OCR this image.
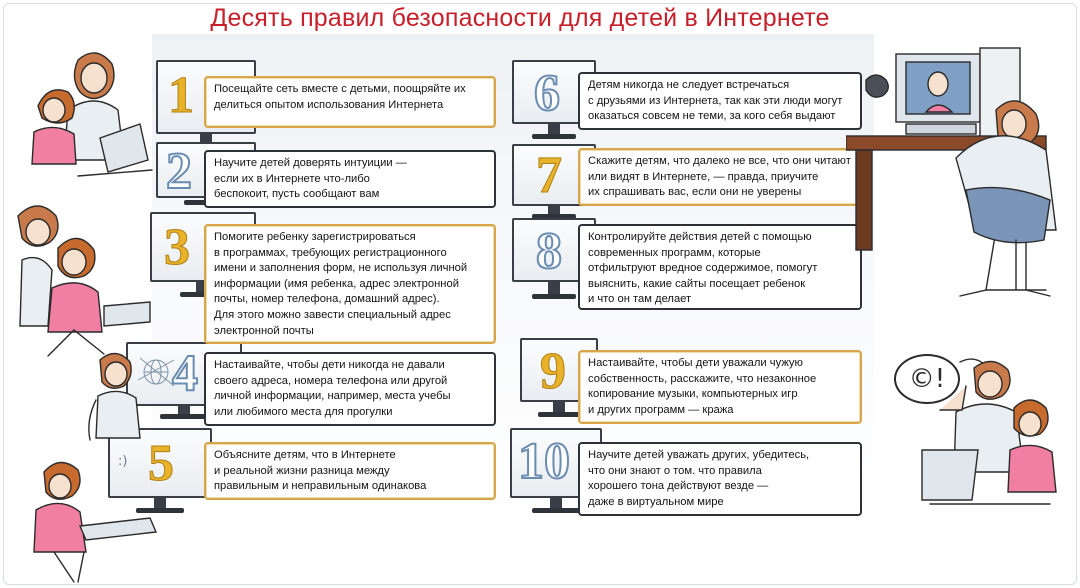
Десять правил безопасности для детей в Интернете
1
2
3
4
:) 5
6
7
8
9
10
Посещайте сеть вместе с детьми, поощряйте их
делиться опытом использования Интернета
Научите детей доверять интуиции —
если их в Интернете что-либо
беспокоит, пусть сообщают вам
Помогите ребенку зарегистрироваться
в программах, требующих регистрационного
имени и заполнения форм, не используя личной
информации (имя ребенка, адрес электронной
почты, номер телефона, домашний адрес).
Для этого можно завести специальный адрес
электронной почты
Настаивайте, чтобы дети никогда не давали
своего адреса, номера телефона или другой
личной информации, например, места учебы
или любимого места для прогулки
Объясните детям, что в Интернете
и реальной жизни разница между
правильным и неправильным одинакова
Детям никогда не следует встречаться
с друзьями из Интернета, так как эти люди могут
оказаться совсем не теми, за кого себя выдают
Скажите детям, что далеко не все, что они читают
или видят в Интернете, — правда, приучите
их спрашивать вас, если они не уверены
Контролируйте действия детей с помощью
современных программ, которые
отфильтруют вредное содержимое, помогут
выяснить, какие сайты посещает ребенок
и что он там делает
Настаивайте, чтобы дети уважали чужую
собственность, расскажите, что незаконное
копирование музыки, компьютерных игр
и других программ — кража
Научите детей уважать других, убедитесь,
что они знают о том. что правила
хорошего тона действуют везде —
даже в виртуальном мире
©!
